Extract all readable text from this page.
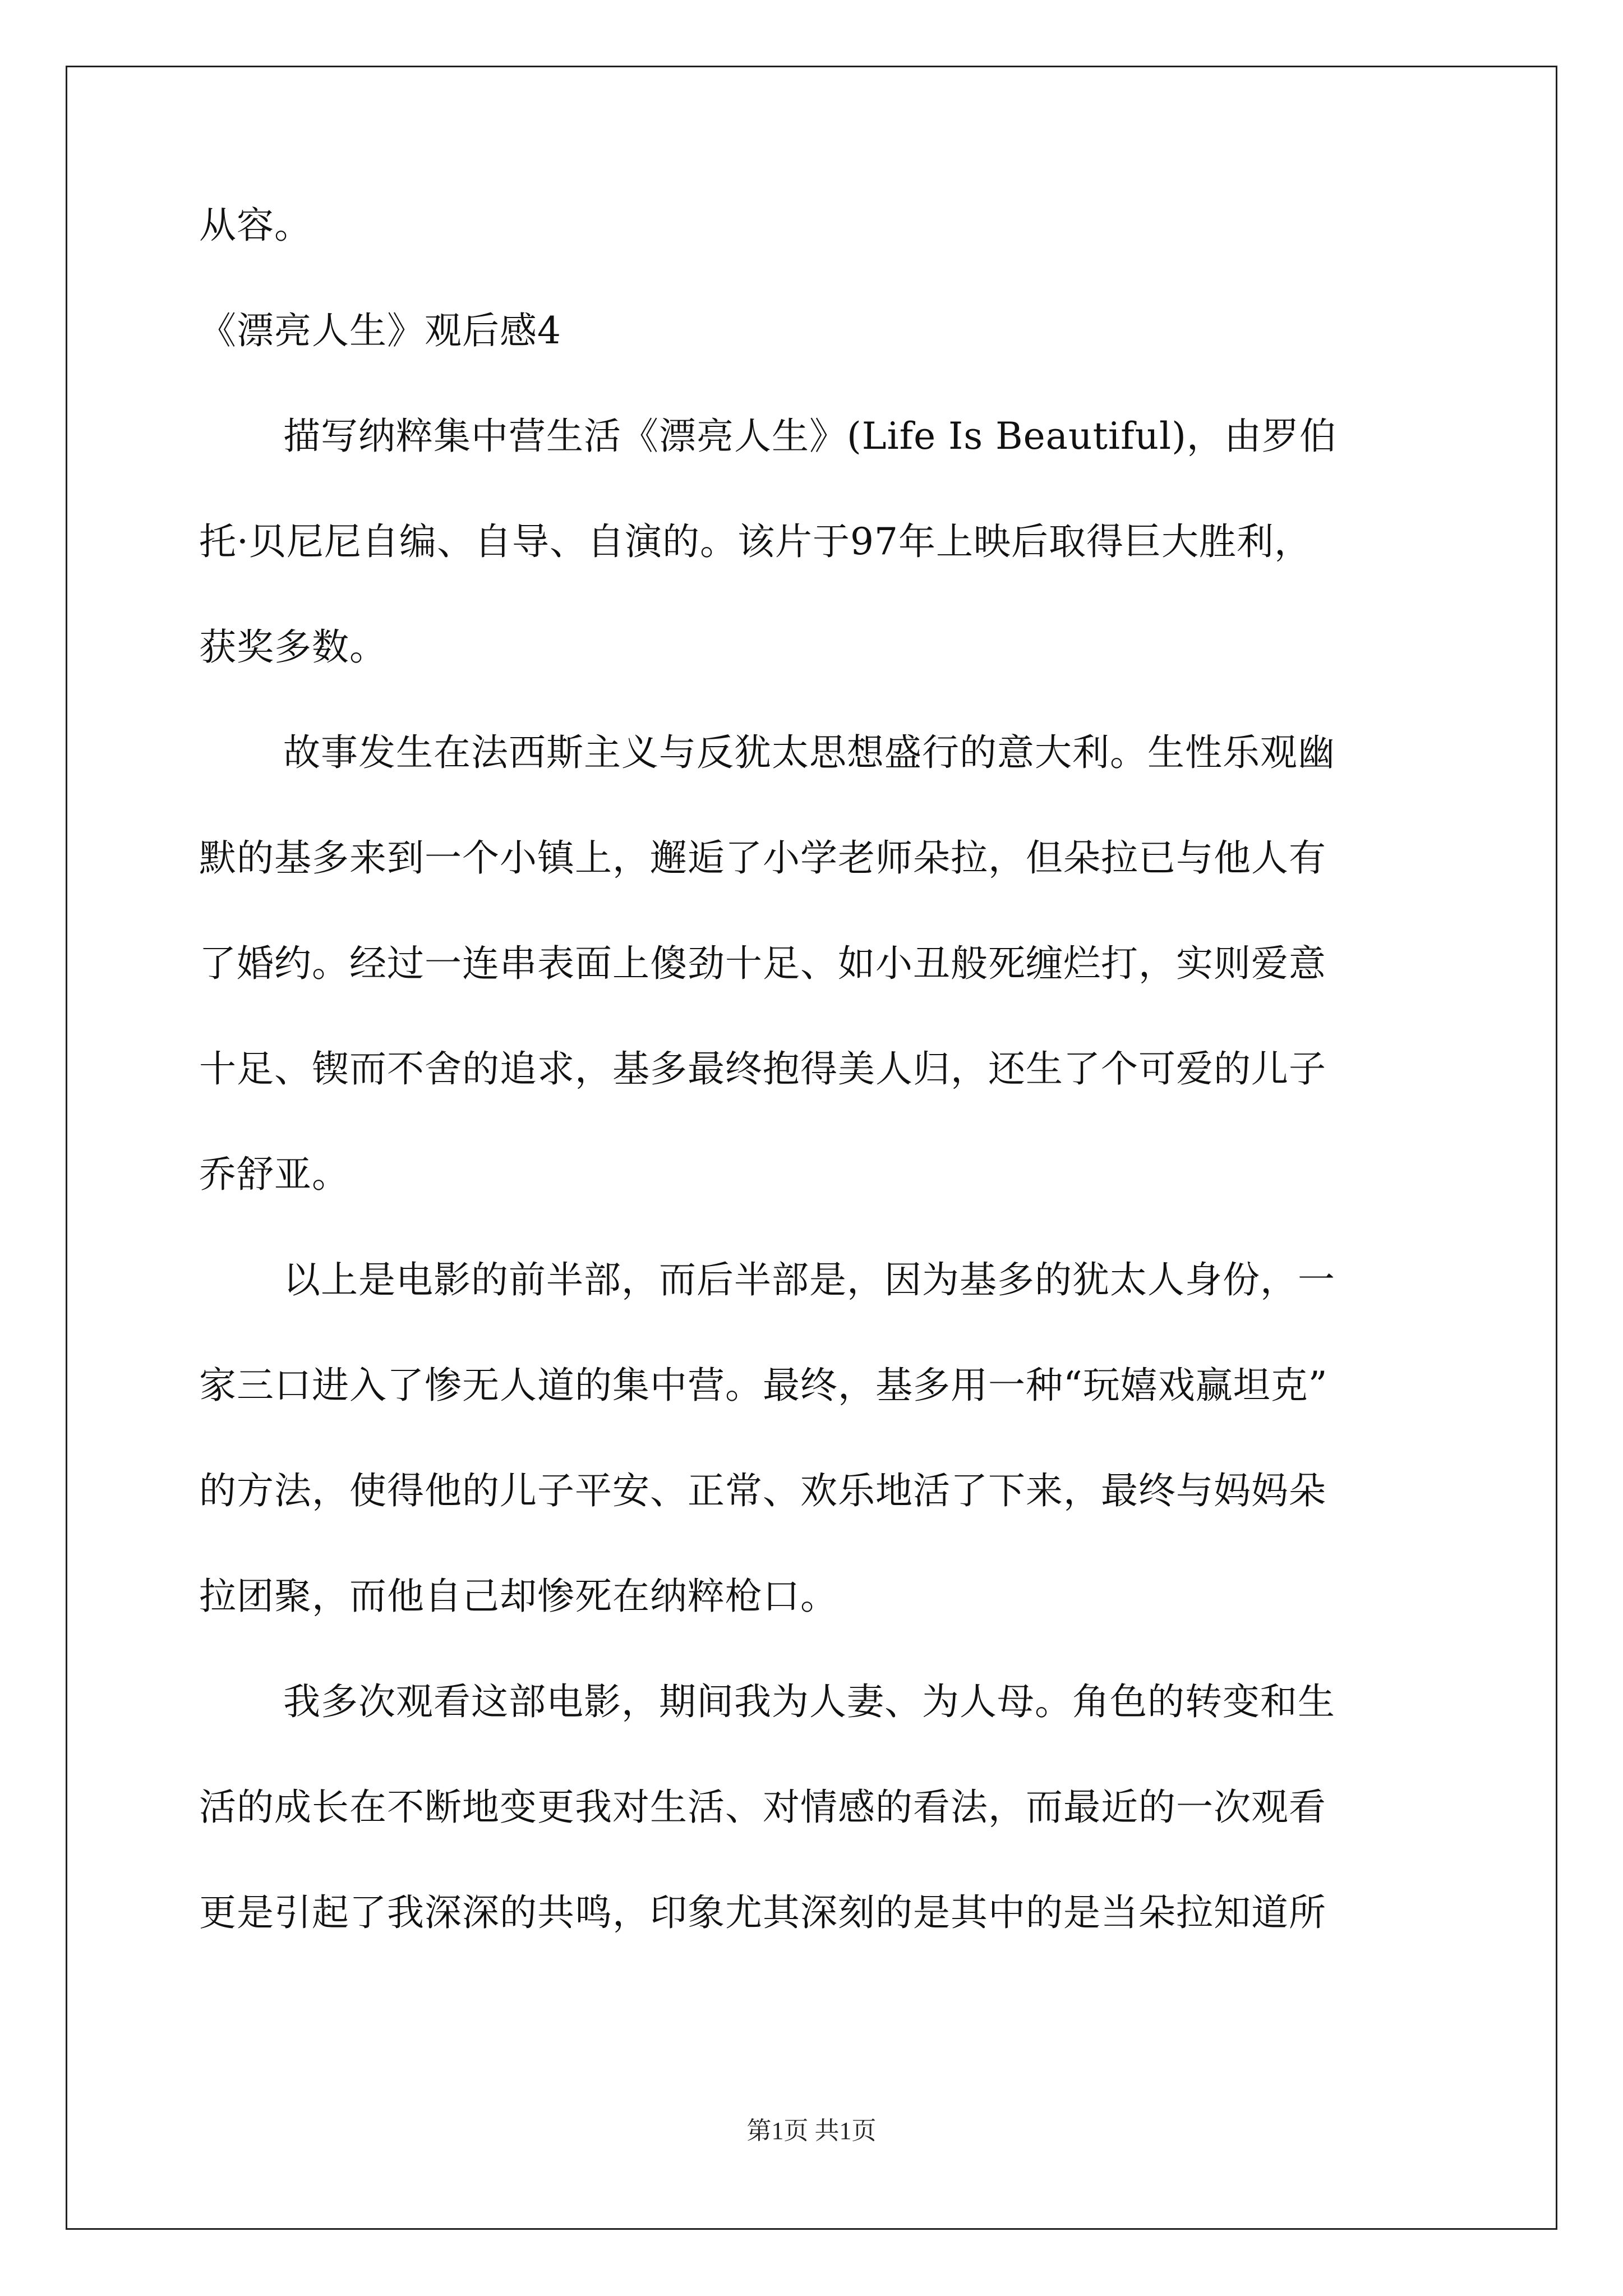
从容。

《漂亮人生》观后感4

描写纳粹集中营生活《漂亮人生》(Life Is Beautiful)，由罗伯

托·贝尼尼自编、自导、自演的。该片于97年上映后取得巨大胜利，

获奖多数。

故事发生在法西斯主义与反犹太思想盛行的意大利。生性乐观幽

默的基多来到一个小镇上，邂逅了小学老师朵拉，但朵拉已与他人有

了婚约。经过一连串表面上傻劲十足、如小丑般死缠烂打，实则爱意

十足、锲而不舍的追求，基多最终抱得美人归，还生了个可爱的儿子

乔舒亚。

以上是电影的前半部，而后半部是，因为基多的犹太人身份，一

家三口进入了惨无人道的集中营。最终，基多用一种“玩嬉戏赢坦克”

的方法，使得他的儿子平安、正常、欢乐地活了下来，最终与妈妈朵

拉团聚，而他自己却惨死在纳粹枪口。

我多次观看这部电影，期间我为人妻、为人母。角色的转变和生

活的成长在不断地变更我对生活、对情感的看法，而最近的一次观看

更是引起了我深深的共鸣，印象尤其深刻的是其中的是当朵拉知道所

第1页 共1页
